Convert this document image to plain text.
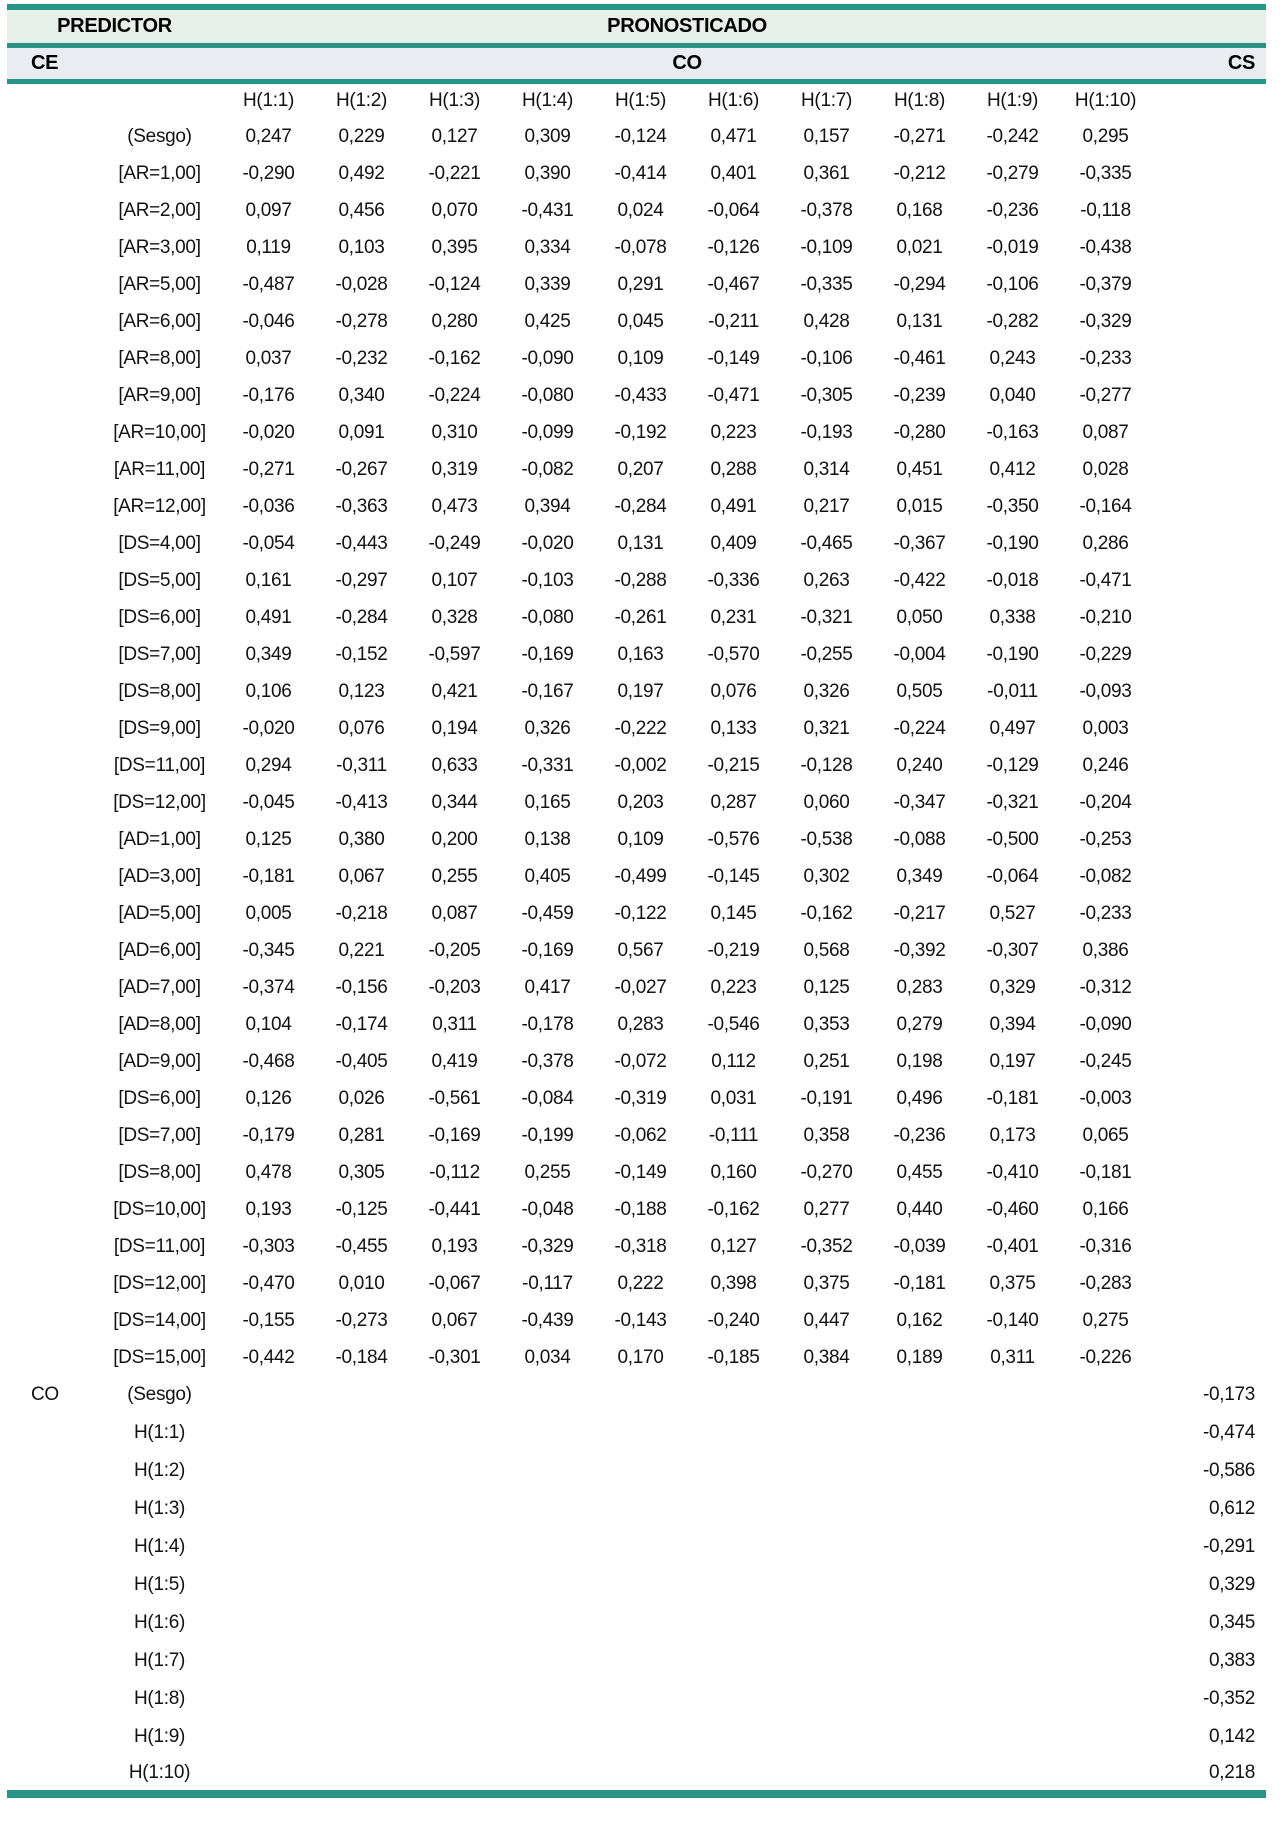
PREDICTOR		PRONOSTICADO										
CE		CO										CS
		H(1:1)	H(1:2)	H(1:3)	H(1:4)	H(1:5)	H(1:6)	H(1:7)	H(1:8)	H(1:9)	H(1:10)	
	(Sesgo)	0,247	0,229	0,127	0,309	-0,124	0,471	0,157	-0,271	-0,242	0,295	
	[AR=1,00]	-0,290	0,492	-0,221	0,390	-0,414	0,401	0,361	-0,212	-0,279	-0,335	
	[AR=2,00]	0,097	0,456	0,070	-0,431	0,024	-0,064	-0,378	0,168	-0,236	-0,118	
	[AR=3,00]	0,119	0,103	0,395	0,334	-0,078	-0,126	-0,109	0,021	-0,019	-0,438	
	[AR=5,00]	-0,487	-0,028	-0,124	0,339	0,291	-0,467	-0,335	-0,294	-0,106	-0,379	
	[AR=6,00]	-0,046	-0,278	0,280	0,425	0,045	-0,211	0,428	0,131	-0,282	-0,329	
	[AR=8,00]	0,037	-0,232	-0,162	-0,090	0,109	-0,149	-0,106	-0,461	0,243	-0,233	
	[AR=9,00]	-0,176	0,340	-0,224	-0,080	-0,433	-0,471	-0,305	-0,239	0,040	-0,277	
	[AR=10,00]	-0,020	0,091	0,310	-0,099	-0,192	0,223	-0,193	-0,280	-0,163	0,087	
	[AR=11,00]	-0,271	-0,267	0,319	-0,082	0,207	0,288	0,314	0,451	0,412	0,028	
	[AR=12,00]	-0,036	-0,363	0,473	0,394	-0,284	0,491	0,217	0,015	-0,350	-0,164	
	[DS=4,00]	-0,054	-0,443	-0,249	-0,020	0,131	0,409	-0,465	-0,367	-0,190	0,286	
	[DS=5,00]	0,161	-0,297	0,107	-0,103	-0,288	-0,336	0,263	-0,422	-0,018	-0,471	
	[DS=6,00]	0,491	-0,284	0,328	-0,080	-0,261	0,231	-0,321	0,050	0,338	-0,210	
	[DS=7,00]	0,349	-0,152	-0,597	-0,169	0,163	-0,570	-0,255	-0,004	-0,190	-0,229	
	[DS=8,00]	0,106	0,123	0,421	-0,167	0,197	0,076	0,326	0,505	-0,011	-0,093	
	[DS=9,00]	-0,020	0,076	0,194	0,326	-0,222	0,133	0,321	-0,224	0,497	0,003	
	[DS=11,00]	0,294	-0,311	0,633	-0,331	-0,002	-0,215	-0,128	0,240	-0,129	0,246	
	[DS=12,00]	-0,045	-0,413	0,344	0,165	0,203	0,287	0,060	-0,347	-0,321	-0,204	
	[AD=1,00]	0,125	0,380	0,200	0,138	0,109	-0,576	-0,538	-0,088	-0,500	-0,253	
	[AD=3,00]	-0,181	0,067	0,255	0,405	-0,499	-0,145	0,302	0,349	-0,064	-0,082	
	[AD=5,00]	0,005	-0,218	0,087	-0,459	-0,122	0,145	-0,162	-0,217	0,527	-0,233	
	[AD=6,00]	-0,345	0,221	-0,205	-0,169	0,567	-0,219	0,568	-0,392	-0,307	0,386	
	[AD=7,00]	-0,374	-0,156	-0,203	0,417	-0,027	0,223	0,125	0,283	0,329	-0,312	
	[AD=8,00]	0,104	-0,174	0,311	-0,178	0,283	-0,546	0,353	0,279	0,394	-0,090	
	[AD=9,00]	-0,468	-0,405	0,419	-0,378	-0,072	0,112	0,251	0,198	0,197	-0,245	
	[DS=6,00]	0,126	0,026	-0,561	-0,084	-0,319	0,031	-0,191	0,496	-0,181	-0,003	
	[DS=7,00]	-0,179	0,281	-0,169	-0,199	-0,062	-0,111	0,358	-0,236	0,173	0,065	
	[DS=8,00]	0,478	0,305	-0,112	0,255	-0,149	0,160	-0,270	0,455	-0,410	-0,181	
	[DS=10,00]	0,193	-0,125	-0,441	-0,048	-0,188	-0,162	0,277	0,440	-0,460	0,166	
	[DS=11,00]	-0,303	-0,455	0,193	-0,329	-0,318	0,127	-0,352	-0,039	-0,401	-0,316	
	[DS=12,00]	-0,470	0,010	-0,067	-0,117	0,222	0,398	0,375	-0,181	0,375	-0,283	
	[DS=14,00]	-0,155	-0,273	0,067	-0,439	-0,143	-0,240	0,447	0,162	-0,140	0,275	
	[DS=15,00]	-0,442	-0,184	-0,301	0,034	0,170	-0,185	0,384	0,189	0,311	-0,226	
CO	(Sesgo)											-0,173
	H(1:1)											-0,474
	H(1:2)											-0,586
	H(1:3)											0,612
	H(1:4)											-0,291
	H(1:5)											0,329
	H(1:6)											0,345
	H(1:7)											0,383
	H(1:8)											-0,352
	H(1:9)											0,142
	H(1:10)											0,218
